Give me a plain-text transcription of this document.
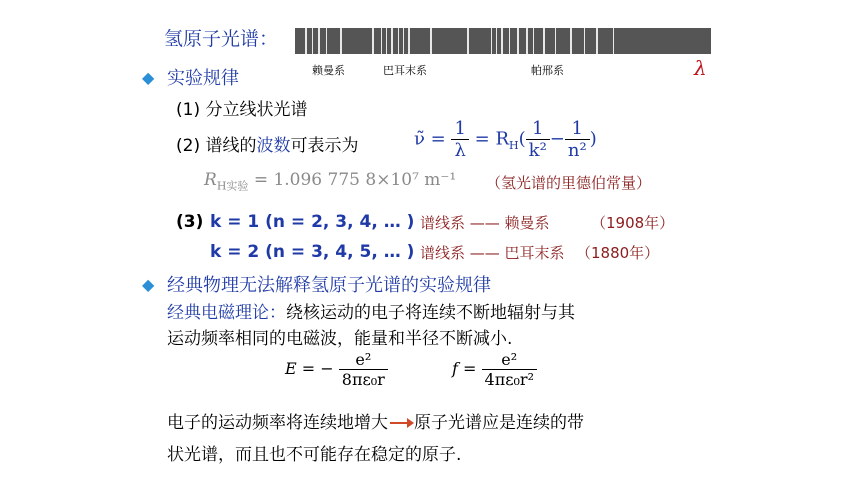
氢原子光谱：
赖曼系	巴耳末系	帕邢系	λ
◆ 实验规律
(1) 分立线状光谱
(2) 谱线的波数可表示为	ν̃ = $\frac{1}{\lambda} = R_H( \frac{1}{\text{k²}} - \frac{1}{\text{n²}}$ )
$R_{H实验} = 1.096$ 775 8×10⁷ m⁻¹ （氢光谱的里德伯常量）
(3) k = 1 (n = 2, 3, 4, … ) 谱线系 —— 赖曼系	（1908年）
k = 2 (n = 3, 4, 5, … ) 谱线系 —— 巴耳末系 （1880年）
◆ 经典物理无法解释氢原子光谱的实验规律
经典电磁理论：绕核运动的电子将连续不断地辐射与其
运动频率相同的电磁波，能量和半径不断减小.
E = − $\frac{\text{e²}}{\text{8πε₀r}}$	$f = \frac{\text{e²}}{\text{4πε₀r²}}$
电子的运动频率将连续地增大 原子光谱应是连续的带
状光谱，而且也不可能存在稳定的原子.
